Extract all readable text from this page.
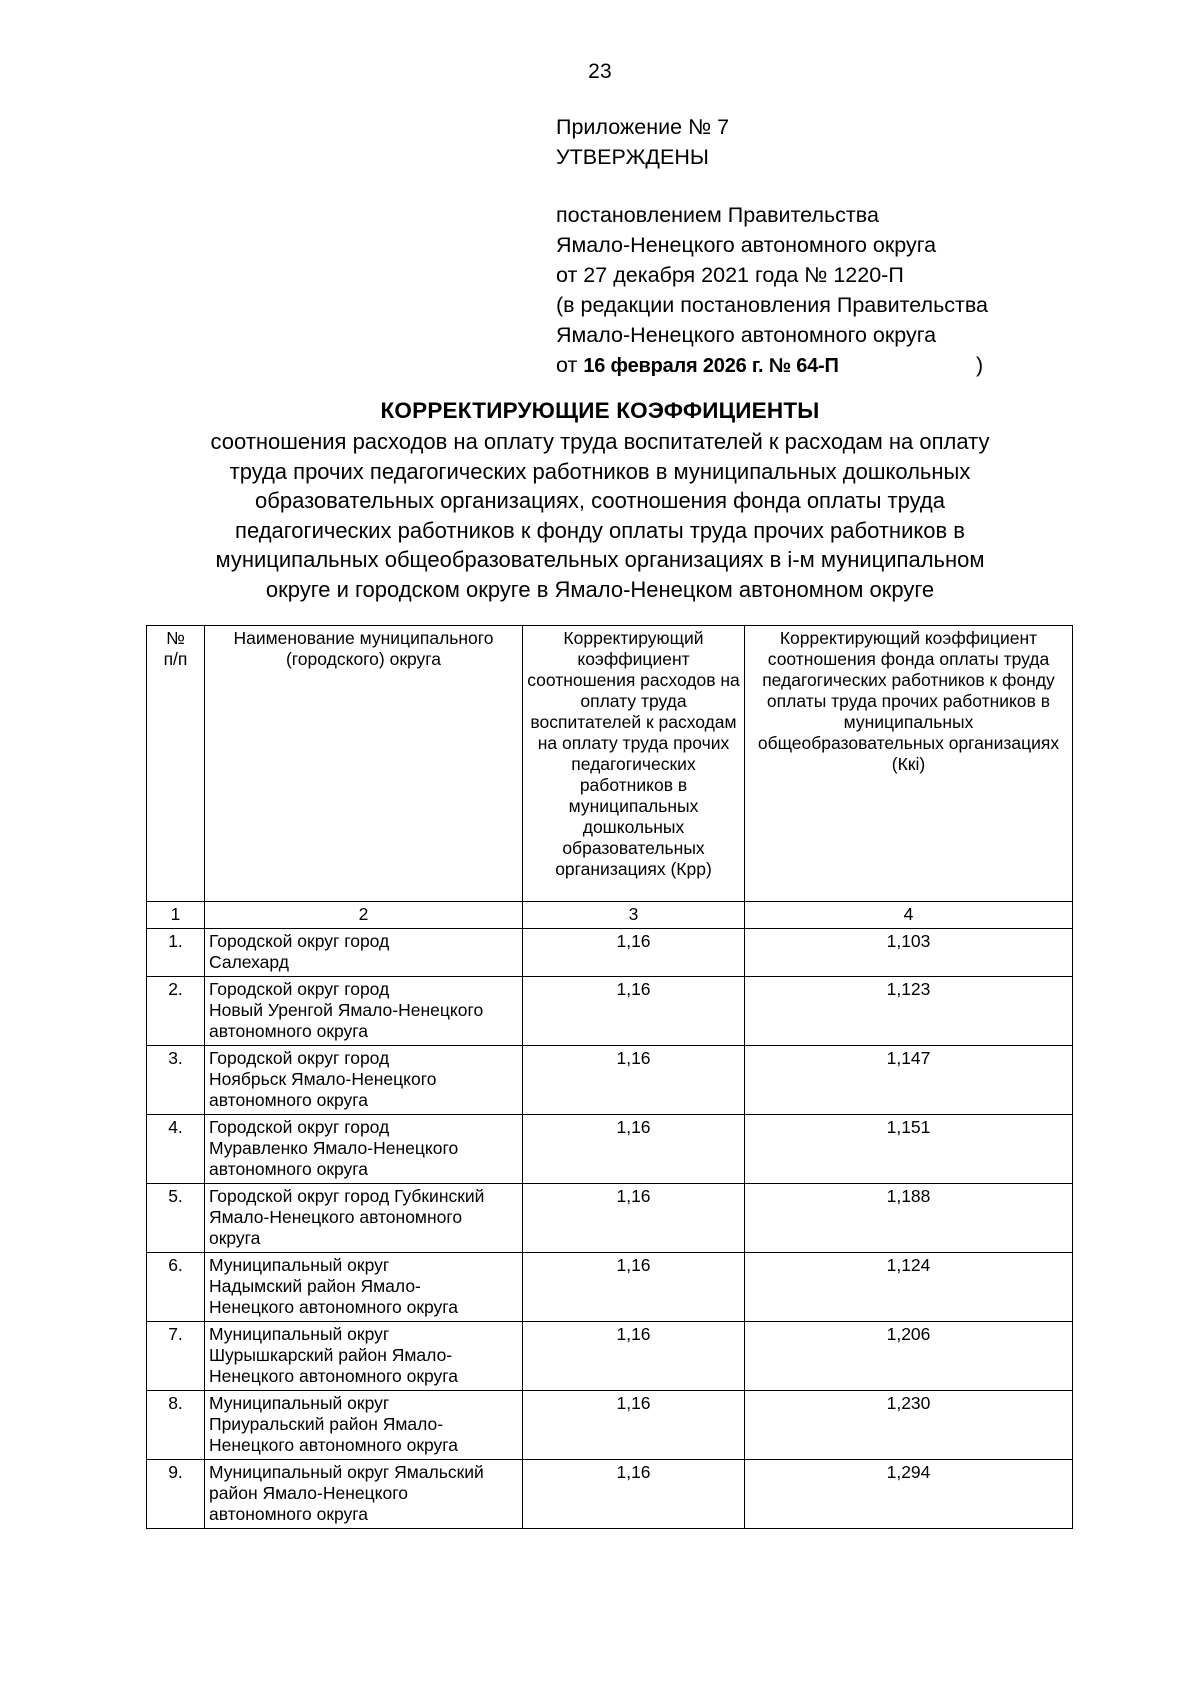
23
Приложение № 7
УТВЕРЖДЕНЫ
постановлением Правительства
Ямало-Ненецкого автономного округа
от 27 декабря 2021 года № 1220-П
(в редакции постановления Правительства
Ямало-Ненецкого автономного округа
от 16 февраля 2026 г. № 64-П	)
КОРРЕКТИРУЮЩИЕ КОЭФФИЦИЕНТЫ
соотношения расходов на оплату труда воспитателей к расходам на оплату
труда прочих педагогических работников в муниципальных дошкольных
образовательных организациях, соотношения фонда оплаты труда
педагогических работников к фонду оплаты труда прочих работников в
муниципальных общеобразовательных организациях в i-м муниципальном
округе и городском округе в Ямало-Ненецком автономном округе
№
п/п	Наименование муниципального (городского) округа	Корректирующий коэффициент соотношения расходов на оплату труда воспитателей к расходам на оплату труда прочих педагогических работников в муниципальных дошкольных образовательных организациях (Крр)	Корректирующий коэффициент соотношения фонда оплаты труда педагогических работников к фонду оплаты труда прочих работников в муниципальных общеобразовательных организациях (Ккi)
1	2	3	4
1.	Городской округ город
Салехард	1,16	1,103
2.	Городской округ город
Новый Уренгой Ямало-Ненецкого
автономного округа	1,16	1,123
3.	Городской округ город
Ноябрьск Ямало-Ненецкого
автономного округа	1,16	1,147
4.	Городской округ город
Муравленко Ямало-Ненецкого
автономного округа	1,16	1,151
5.	Городской округ город Губкинский
Ямало-Ненецкого автономного
округа	1,16	1,188
6.	Муниципальный округ
Надымский район Ямало-
Ненецкого автономного округа	1,16	1,124
7.	Муниципальный округ
Шурышкарский район Ямало-
Ненецкого автономного округа	1,16	1,206
8.	Муниципальный округ
Приуральский район Ямало-
Ненецкого автономного округа	1,16	1,230
9.	Муниципальный округ Ямальский
район Ямало-Ненецкого
автономного округа	1,16	1,294
